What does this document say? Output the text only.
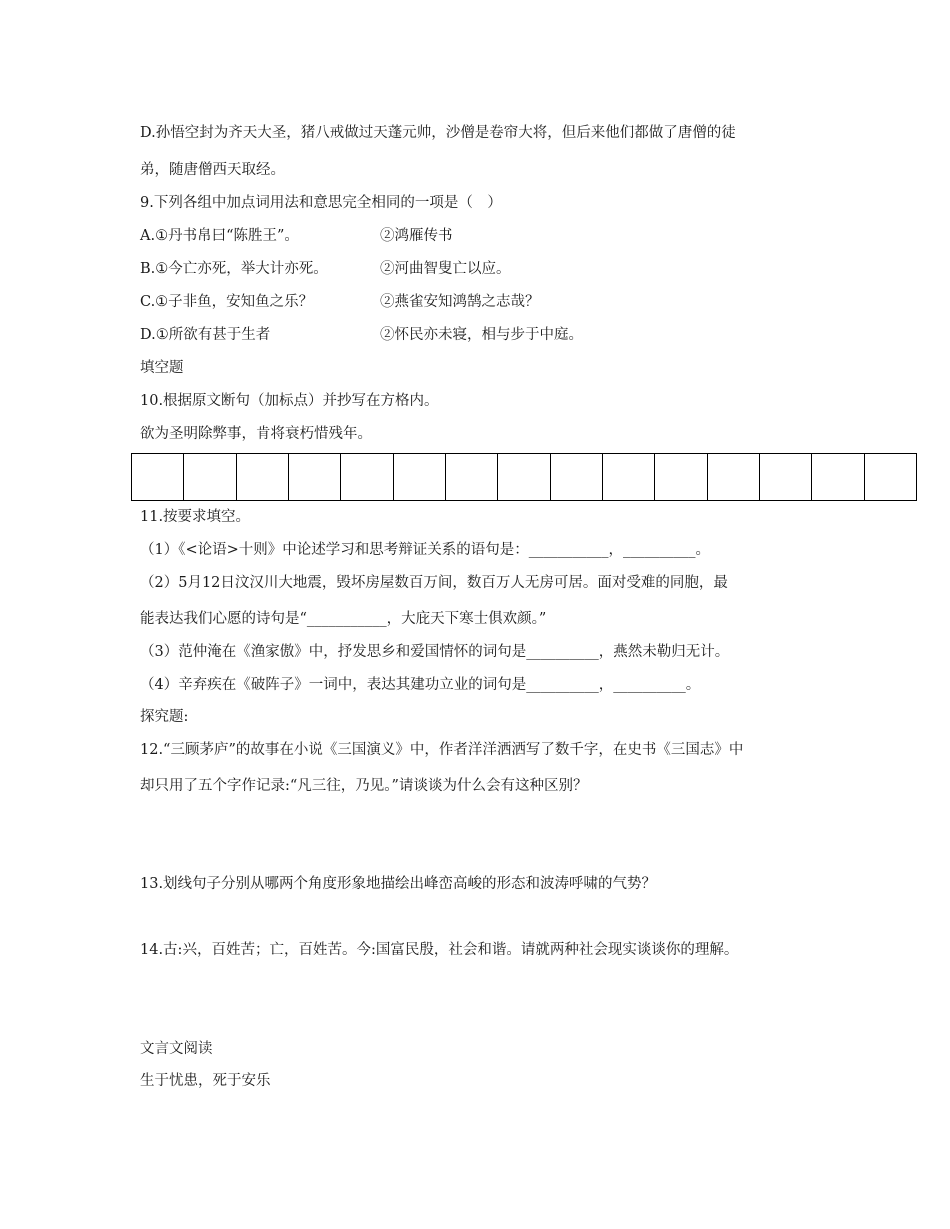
D.孙悟空封为齐天大圣，猪八戒做过天蓬元帅，沙僧是卷帘大将，但后来他们都做了唐僧的徒
弟，随唐僧西天取经。
9.下列各组中加点词用法和意思完全相同的一项是（　）
A.①丹书帛曰“陈胜王”。	②鸿雁传书
B.①今亡亦死，举大计亦死。	②河曲智叟亡以应。
C.①子非鱼，安知鱼之乐？	②燕雀安知鸿鹄之志哉？
D.①所欲有甚于生者	②怀民亦未寝，相与步于中庭。
填空题
10.根据原文断句（加标点）并抄写在方格内。
欲为圣明除弊事，肯将衰朽惜残年。
11.按要求填空。
（1）《<论语>十则》中论述学习和思考辩证关系的语句是：___________，__________。
（2）5月12日汶汉川大地震，毁坏房屋数百万间，数百万人无房可居。面对受难的同胞，最
能表达我们心愿的诗句是“___________，大庇天下寒士俱欢颜。”
（3）范仲淹在《渔家傲》中，抒发思乡和爱国情怀的词句是__________，燕然未勒归无计。
（4）辛弃疾在《破阵子》一词中，表达其建功立业的词句是__________，__________。
探究题:
12.“三顾茅庐”的故事在小说《三国演义》中，作者洋洋洒洒写了数千字，在史书《三国志》中
却只用了五个字作记录:“凡三往，乃见。”请谈谈为什么会有这种区别？
13.划线句子分别从哪两个角度形象地描绘出峰峦高峻的形态和波涛呼啸的气势？
14.古:兴，百姓苦；亡，百姓苦。今:国富民殷，社会和谐。请就两种社会现实谈谈你的理解。
文言文阅读
生于忧患，死于安乐
